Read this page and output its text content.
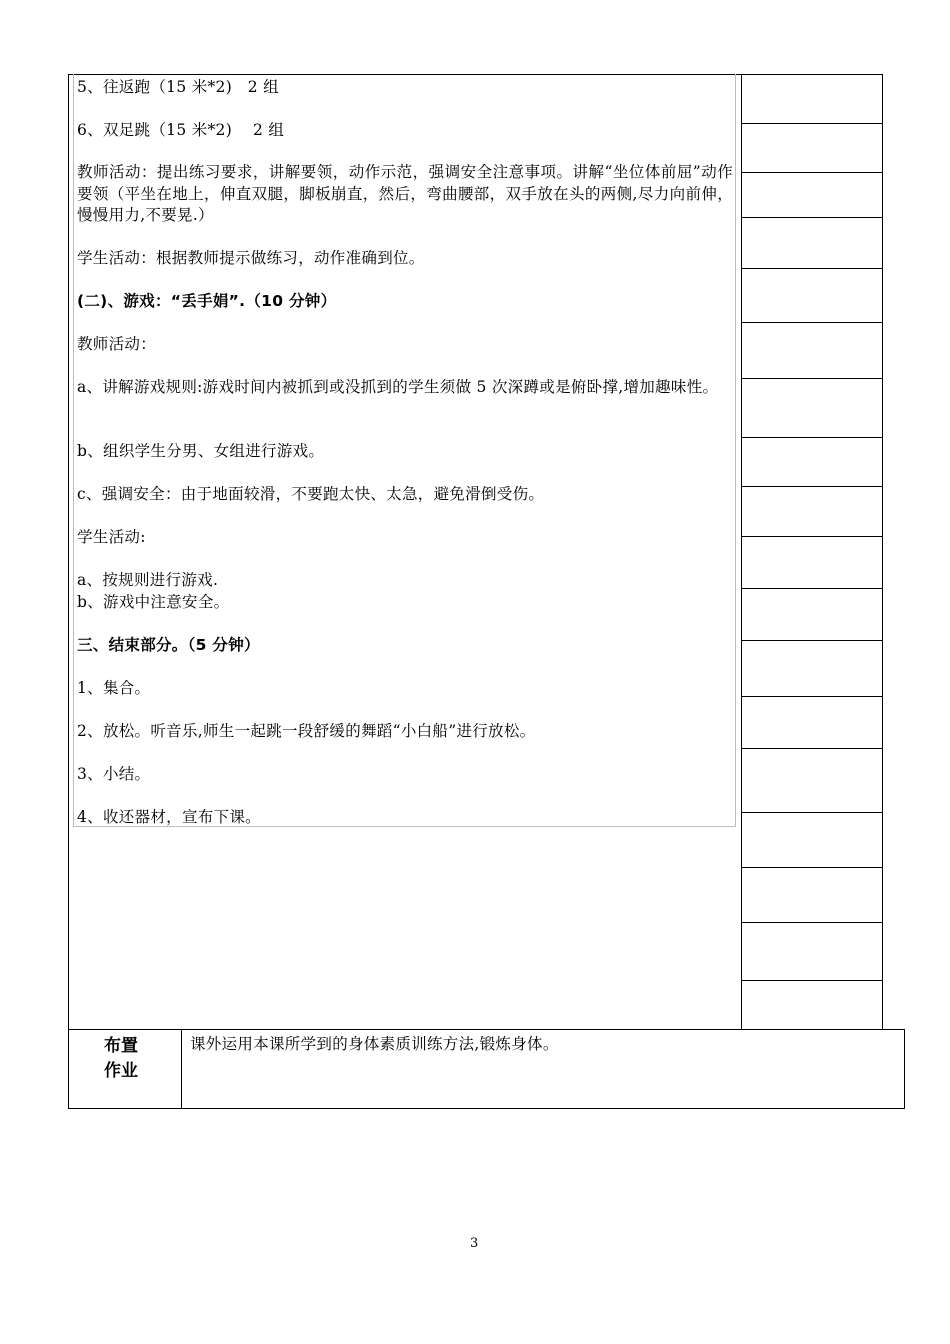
5、往返跑（15 米*2)   2 组
6、双足跳（15 米*2)    2 组
教师活动：提出练习要求，讲解要领，动作示范，强调安全注意事项。讲解“坐位体前屈”动作要领（平坐在地上，伸直双腿，脚板崩直，然后，弯曲腰部，双手放在头的两侧,尽力向前伸，慢慢用力,不要晃.）
学生活动：根据教师提示做练习，动作准确到位。
(二)、游戏：“丢手娟”.（10 分钟）
教师活动：
a、讲解游戏规则:游戏时间内被抓到或没抓到的学生须做 5 次深蹲或是俯卧撑,增加趣味性。
b、组织学生分男、女组进行游戏。
c、强调安全：由于地面较滑，不要跑太快、太急，避免滑倒受伤。
学生活动:
a、按规则进行游戏.
b、游戏中注意安全。
三、结束部分。（5 分钟）
1、集合。
2、放松。听音乐,师生一起跳一段舒缓的舞蹈“小白船”进行放松。
3、小结。
4、收还器材，宣布下课。
布置
作业
课外运用本课所学到的身体素质训练方法,锻炼身体。
3
